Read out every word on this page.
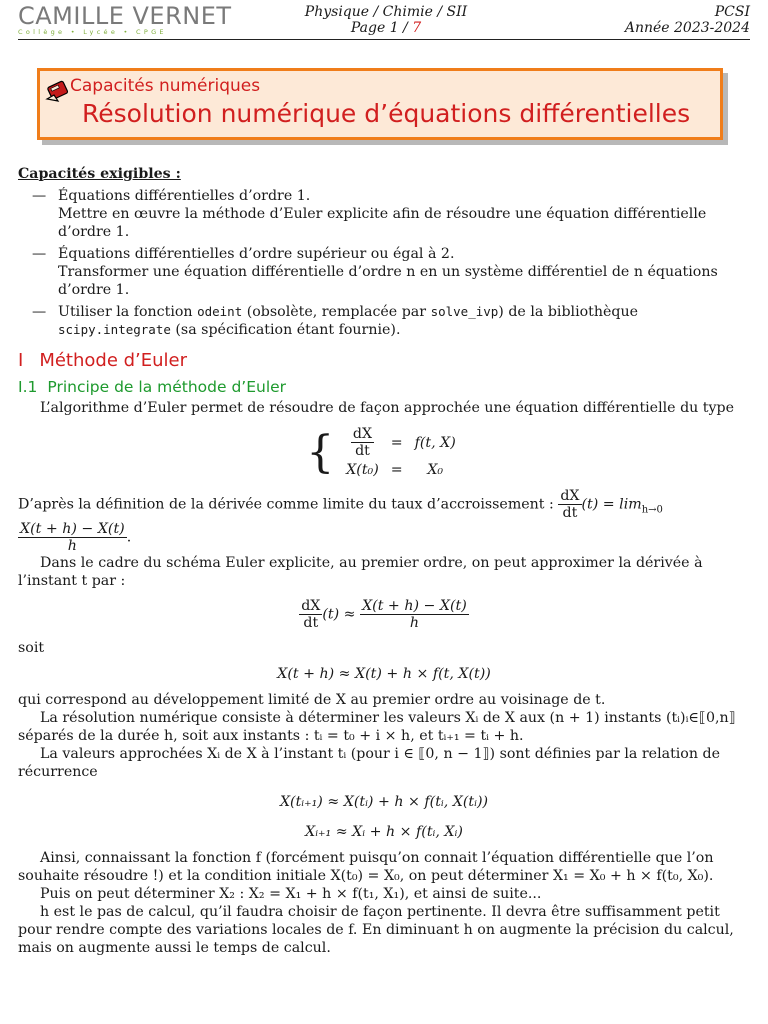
CAMILLE VERNET
Collège • Lycée • CPGE
Physique / Chimie / SII
Page 1 / 7
PCSI
Année 2023-2024
Capacités numériques
Résolution numérique d’équations différentielles

Capacités exigibles :

— Équations différentielles d’ordre 1.
Mettre en œuvre la méthode d’Euler explicite afin de résoudre une équation différentielle d’ordre 1.
— Équations différentielles d’ordre supérieur ou égal à 2.
Transformer une équation différentielle d’ordre n en un système différentiel de n équations d’ordre 1.
— Utiliser la fonction odeint (obsolète, remplacée par solve_ivp) de la bibliothèque scipy.integrate (sa spécification étant fournie).
I Méthode d’Euler
I.1 Principe de la méthode d’Euler

L’algorithme d’Euler permet de résoudre de façon approchée une équation différentielle du type

{ $\frac{dX}{dt}$	=	f(t, X)
X(t₀)	=	X₀

D’après la définition de la dérivée comme limite du taux d’accroissement : $\frac{dX}{dt} (t) = \lim_{h\to 0}$
$\frac{X(t + h) - X(t)}{h}$ .

Dans le cadre du schéma Euler explicite, au premier ordre, on peut approximer la dérivée à l’instant t par :

$\frac{dX}{dt} (t) \approx \frac{X(t + h) - X(t)}{h}$

soit

X(t + h) ≈ X(t) + h × f(t, X(t))

qui correspond au développement limité de X au premier ordre au voisinage de t.

La résolution numérique consiste à déterminer les valeurs Xᵢ de X aux (n + 1) instants (tᵢ)ᵢ∈⟦0,n⟧ séparés de la durée h, soit aux instants : tᵢ = t₀ + i × h, et tᵢ₊₁ = tᵢ + h.

La valeurs approchées Xᵢ de X à l’instant tᵢ (pour i ∈ ⟦0, n − 1⟧) sont définies par la relation de récurrence

X(tᵢ₊₁) ≈ X(tᵢ) + h × f(tᵢ, X(tᵢ))
Xᵢ₊₁ ≈ Xᵢ + h × f(tᵢ, Xᵢ)

Ainsi, connaissant la fonction f (forcément puisqu’on connait l’équation différentielle que l’on souhaite résoudre !) et la condition initiale X(t₀) = X₀, on peut déterminer X₁ = X₀ + h × f(t₀, X₀).

Puis on peut déterminer X₂ : X₂ = X₁ + h × f(t₁, X₁), et ainsi de suite...

h est le pas de calcul, qu’il faudra choisir de façon pertinente. Il devra être suffisamment petit pour rendre compte des variations locales de f. En diminuant h on augmente la précision du calcul, mais on augmente aussi le temps de calcul.
